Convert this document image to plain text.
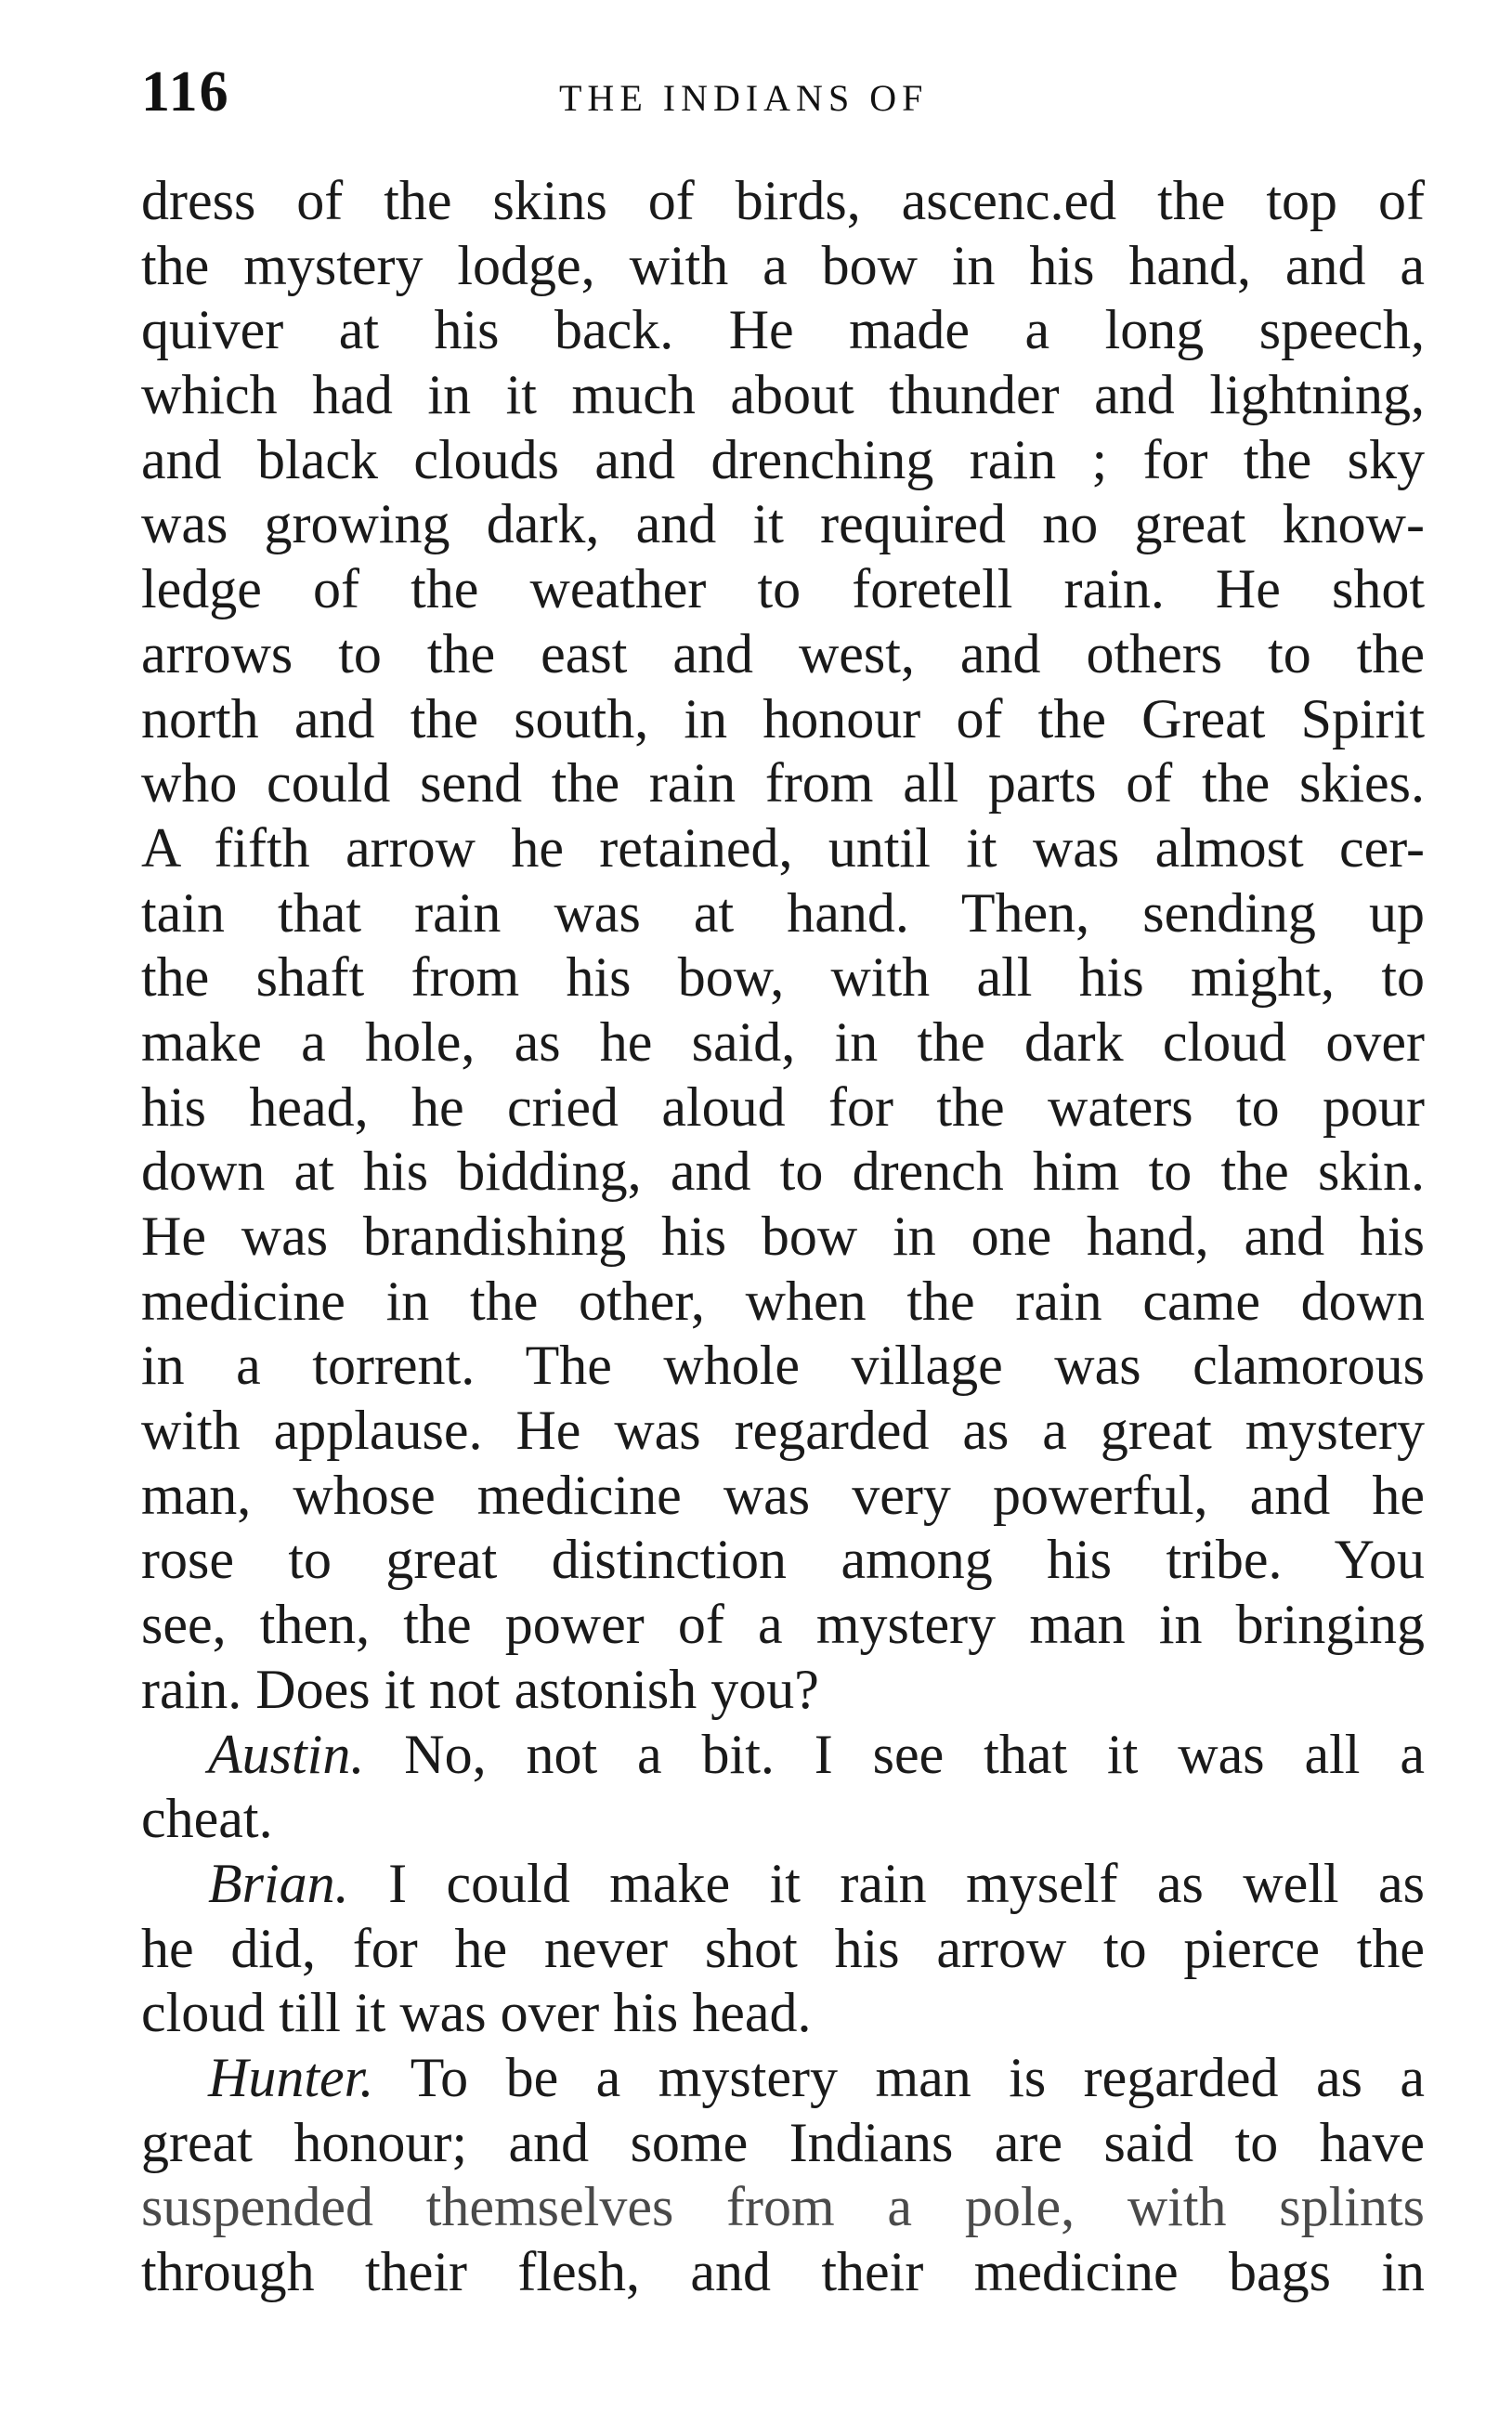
116	THE INDIANS OF
dress of the skins of birds, ascenc.ed the top of
the mystery lodge, with a bow in his hand, and a
quiver at his back. He made a long speech,
which had in it much about thunder and lightning,
and black clouds and drenching rain ; for the sky
was growing dark, and it required no great know-
ledge of the weather to foretell rain. He shot
arrows to the east and west, and others to the
north and the south, in honour of the Great Spirit
who could send the rain from all parts of the skies.
A fifth arrow he retained, until it was almost cer-
tain that rain was at hand. Then, sending up
the shaft from his bow, with all his might, to
make a hole, as he said, in the dark cloud over
his head, he cried aloud for the waters to pour
down at his bidding, and to drench him to the skin.
He was brandishing his bow in one hand, and his
medicine in the other, when the rain came down
in a torrent. The whole village was clamorous
with applause. He was regarded as a great mystery
man, whose medicine was very powerful, and he
rose to great distinction among his tribe. You
see, then, the power of a mystery man in bringing
rain. Does it not astonish you?
Austin. No, not a bit. I see that it was all a
cheat.
Brian. I could make it rain myself as well as
he did, for he never shot his arrow to pierce the
cloud till it was over his head.
Hunter. To be a mystery man is regarded as a
great honour; and some Indians are said to have
suspended themselves from a pole, with splints
through their flesh, and their medicine bags in
